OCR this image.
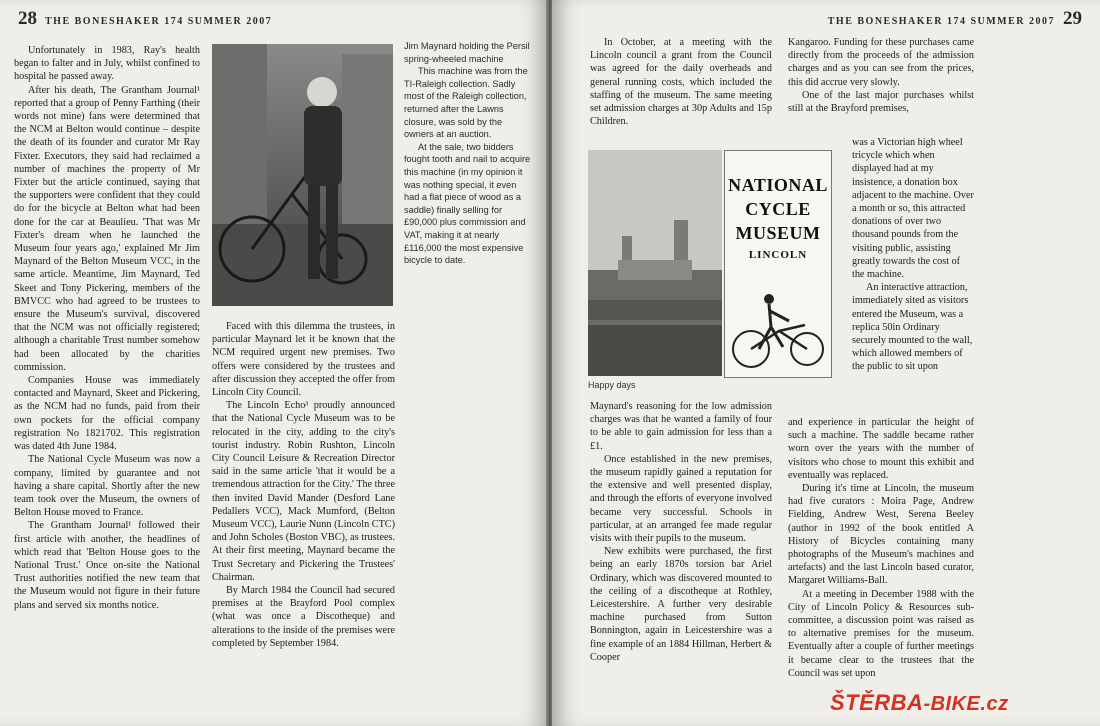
28 THE BONESHAKER 174 SUMMER 2007

Unfortunately in 1983, Ray's health began to falter and in July, whilst confined to hospital he passed away.

After his death, The Grantham Journal¹ reported that a group of Penny Farthing (their words not mine) fans were determined that the NCM at Belton would continue – despite the death of its founder and curator Mr Ray Fixter. Executors, they said had reclaimed a number of machines the property of Mr Fixter but the article continued, saying that the supporters were confident that they could do for the bicycle at Belton what had been done for the car at Beaulieu. 'That was Mr Fixter's dream when he launched the Museum four years ago,' explained Mr Jim Maynard of the Belton Museum VCC, in the same article. Meantime, Jim Maynard, Ted Skeet and Tony Pickering, members of the BMVCC who had agreed to be trustees to ensure the Museum's survival, discovered that the NCM was not officially registered; although a charitable Trust number somehow had been allocated by the charities commission.

Companies House was immediately contacted and Maynard, Skeet and Pickering, as the NCM had no funds, paid from their own pockets for the official company registration No 1821702. This registration was dated 4th June 1984.

The National Cycle Museum was now a company, limited by guarantee and not having a share capital. Shortly after the new team took over the Museum, the owners of Belton House moved to France.

The Grantham Journal¹ followed their first article with another, the headlines of which read that 'Belton House goes to the National Trust.' Once on-site the National Trust authorities notified the new team that the Museum would not figure in their future plans and served six months notice.

Faced with this dilemma the trustees, in particular Maynard let it be known that the NCM required urgent new premises. Two offers were considered by the trustees and after discussion they accepted the offer from Lincoln City Council.

The Lincoln Echo³ proudly announced that the National Cycle Museum was to be relocated in the city, adding to the city's tourist industry. Robin Rushton, Lincoln City Council Leisure & Recreation Director said in the same article 'that it would be a tremendous attraction for the City.' The three then invited David Mander (Desford Lane Pedallers VCC), Mack Mumford, (Belton Museum VCC), Laurie Nunn (Lincoln CTC) and John Scholes (Boston VBC), as trustees. At their first meeting, Maynard became the Trust Secretary and Pickering the Trustees' Chairman.

By March 1984 the Council had secured premises at the Brayford Pool complex (what was once a Discotheque) and alterations to the inside of the premises were completed by September 1984.

Jim Maynard holding the Persil spring-wheeled machine

This machine was from the TI-Raleigh collection. Sadly most of the Raleigh collection, returned after the Lawns closure, was sold by the owners at an auction.

At the sale, two bidders fought tooth and nail to acquire this machine (in my opinion it was nothing special, it even had a flat piece of wood as a saddle) finally selling for £90,000 plus commission and VAT, making it at nearly £116,000 the most expensive bicycle to date.

THE BONESHAKER 174 SUMMER 2007 29

In October, at a meeting with the Lincoln council a grant from the Council was agreed for the daily overheads and general running costs, which included the staffing of the museum. The same meeting set admission charges at 30p Adults and 15p Children.

NATIONAL
CYCLE
MUSEUM
LINCOLN
Happy days

Maynard's reasoning for the low admission charges was that he wanted a family of four to be able to gain admission for less than a £1.

Once established in the new premises, the museum rapidly gained a reputation for the extensive and well presented display, and through the efforts of everyone involved became very successful. Schools in particular, at an arranged fee made regular visits with their pupils to the museum.

New exhibits were purchased, the first being an early 1870s torsion bar Ariel Ordinary, which was discovered mounted to the ceiling of a discotheque at Rothley, Leicestershire. A further very desirable machine purchased from Sutton Bonnington, again in Leicestershire was a fine example of an 1884 Hillman, Herbert & Cooper

Kangaroo. Funding for these purchases came directly from the proceeds of the admission charges and as you can see from the prices, this did accrue very slowly.

One of the last major purchases whilst still at the Brayford premises,

was a Victorian high wheel tricycle which when displayed had at my insistence, a donation box adjacent to the machine. Over a month or so, this attracted donations of over two thousand pounds from the visiting public, assisting greatly towards the cost of the machine.

An interactive attraction, immediately sited as visitors entered the Museum, was a replica 50in Ordinary securely mounted to the wall, which allowed members of the public to sit upon

and experience in particular the height of such a machine. The saddle became rather worn over the years with the number of visitors who chose to mount this exhibit and eventually was replaced.

During it's time at Lincoln, the museum had five curators : Moira Page, Andrew Fielding, Andrew West, Serena Beeley (author in 1992 of the book entitled A History of Bicycles containing many photographs of the Museum's machines and artefacts) and the last Lincoln based curator, Margaret Williams-Ball.

At a meeting in December 1988 with the City of Lincoln Policy & Resources sub-committee, a discussion point was raised as to alternative premises for the museum. Eventually after a couple of further meetings it became clear to the trustees that the Council was set upon

ŠTĚRBA-BIKE.cz
